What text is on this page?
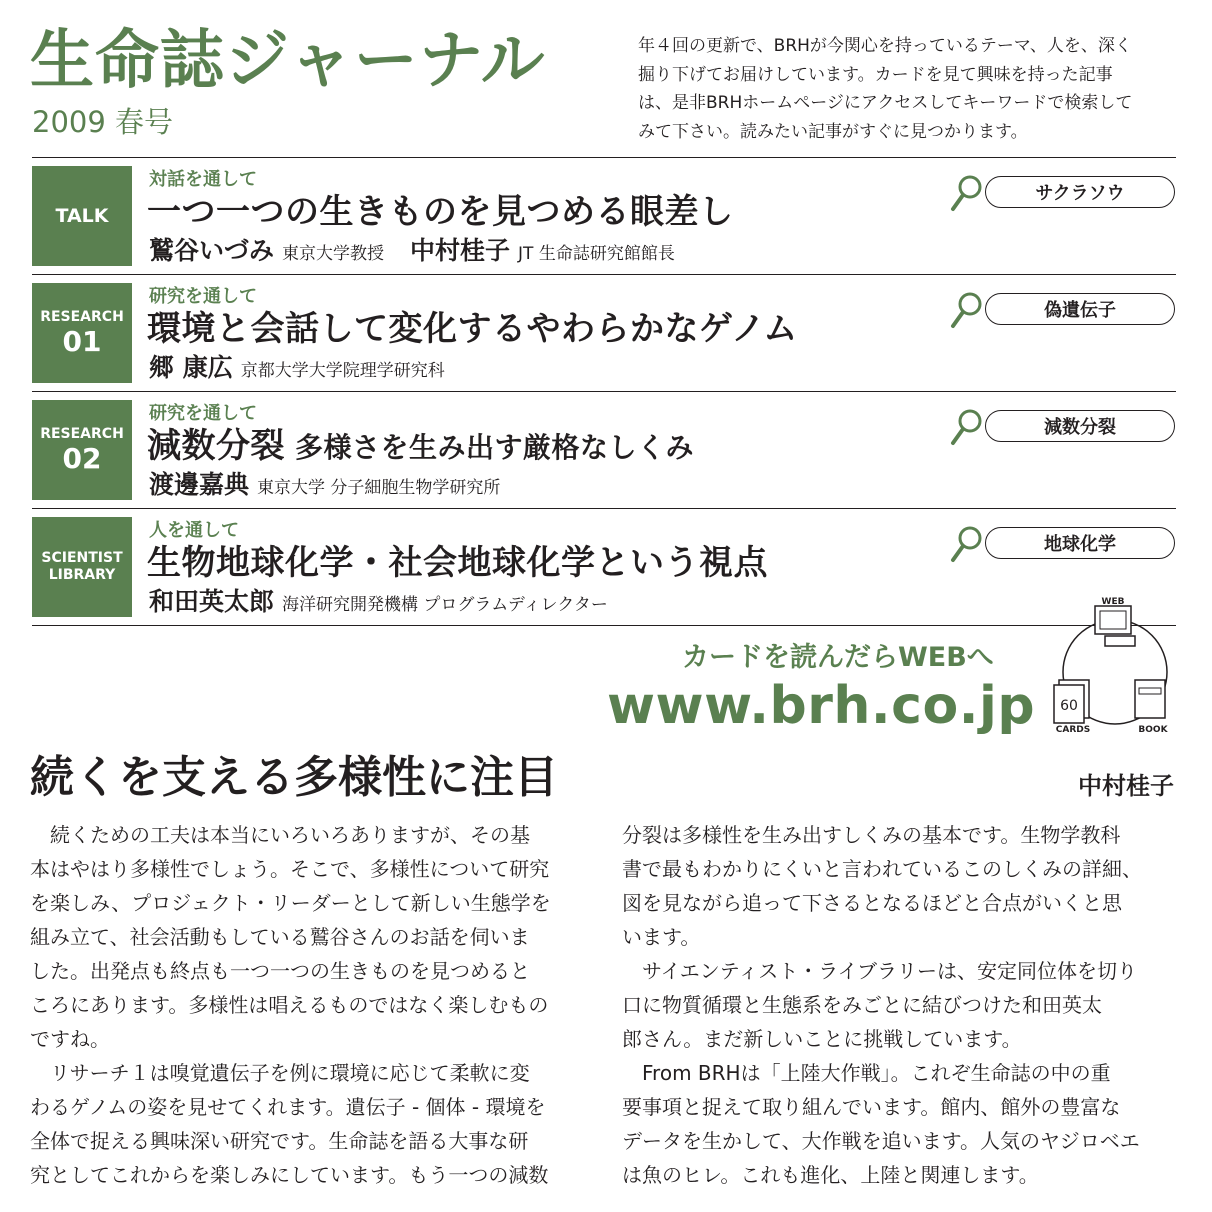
生命誌ジャーナル
2009 春号

年４回の更新で、BRHが今関心を持っているテーマ、人を、深く

掘り下げてお届けしています。カードを見て興味を持った記事

は、是非BRHホームページにアクセスしてキーワードで検索して

みて下さい。読みたい記事がすぐに見つかります。

TALK
対話を通して
一つ一つの生きものを見つめる眼差し
鷲谷いづみ 東京大学教授 中村桂子 JT 生命誌研究館館長
サクラソウ
RESEARCH
01
研究を通して
環境と会話して変化するやわらかなゲノム
郷 康広 京都大学大学院理学研究科
偽遺伝子
RESEARCH
02
研究を通して
減数分裂 多様さを生み出す厳格なしくみ
渡邊嘉典 東京大学 分子細胞生物学研究所
減数分裂
SCIENTIST
LIBRARY
人を通して
生物地球化学・社会地球化学という視点
和田英太郎 海洋研究開発機構 プログラムディレクター
地球化学
カードを読んだらWEBへ
www.brh.co.jp
WEB
60
CARDS	BOOK
続くを支える多様性に注目	中村桂子

　続くための工夫は本当にいろいろありますが、その基

本はやはり多様性でしょう。そこで、多様性について研究

を楽しみ、プロジェクト・リーダーとして新しい生態学を

組み立て、社会活動もしている鷲谷さんのお話を伺いま

した。出発点も終点も一つ一つの生きものを見つめると

ころにあります。多様性は唱えるものではなく楽しむもの

ですね。

　リサーチ１は嗅覚遺伝子を例に環境に応じて柔軟に変

わるゲノムの姿を見せてくれます。遺伝子 - 個体 - 環境を

全体で捉える興味深い研究です。生命誌を語る大事な研

究としてこれからを楽しみにしています。もう一つの減数

分裂は多様性を生み出すしくみの基本です。生物学教科

書で最もわかりにくいと言われているこのしくみの詳細、

図を見ながら追って下さるとなるほどと合点がいくと思

います。

　サイエンティスト・ライブラリーは、安定同位体を切り

口に物質循環と生態系をみごとに結びつけた和田英太

郎さん。まだ新しいことに挑戦しています。

　From BRHは「上陸大作戦」。これぞ生命誌の中の重

要事項と捉えて取り組んでいます。館内、館外の豊富な

データを生かして、大作戦を追います。人気のヤジロベエ

は魚のヒレ。これも進化、上陸と関連します。
